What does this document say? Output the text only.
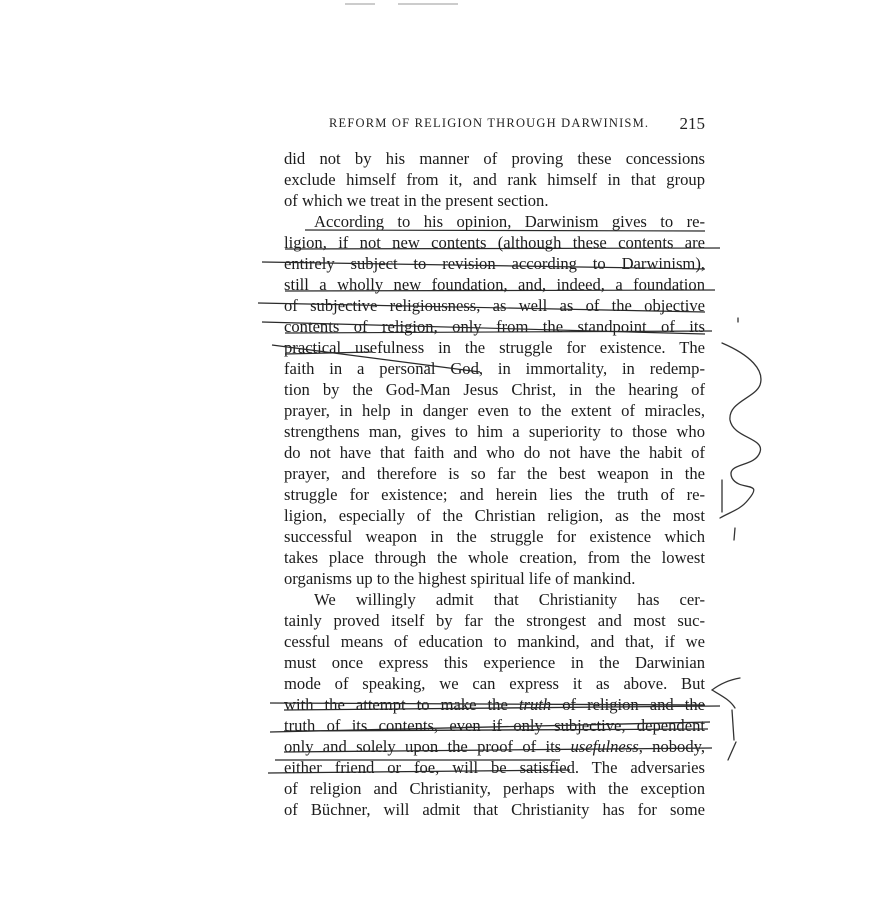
REFORM OF RELIGION THROUGH DARWINISM. 215
did not by his manner of proving these concessions
exclude himself from it, and rank himself in that group
of which we treat in the present section.
According to his opinion, Darwinism gives to re-
ligion, if not new contents (although these contents are
entirely subject to revision according to Darwinism),
still a wholly new foundation, and, indeed, a foundation
of subjective religiousness, as well as of the objective
contents of religion, only from the standpoint of its
practical usefulness in the struggle for existence. The
faith in a personal God, in immortality, in redemp-
tion by the God-Man Jesus Christ, in the hearing of
prayer, in help in danger even to the extent of miracles,
strengthens man, gives to him a superiority to those who
do not have that faith and who do not have the habit of
prayer, and therefore is so far the best weapon in the
struggle for existence; and herein lies the truth of re-
ligion, especially of the Christian religion, as the most
successful weapon in the struggle for existence which
takes place through the whole creation, from the lowest
organisms up to the highest spiritual life of mankind.
We willingly admit that Christianity has cer-
tainly proved itself by far the strongest and most suc-
cessful means of education to mankind, and that, if we
must once express this experience in the Darwinian
mode of speaking, we can express it as above. But
with the attempt to make the truth of religion and the
truth of its contents, even if only subjective, dependent
only and solely upon the proof of its usefulness, nobody,
either friend or foe, will be satisfied. The adversaries
of religion and Christianity, perhaps with the exception
of Büchner, will admit that Christianity has for some
